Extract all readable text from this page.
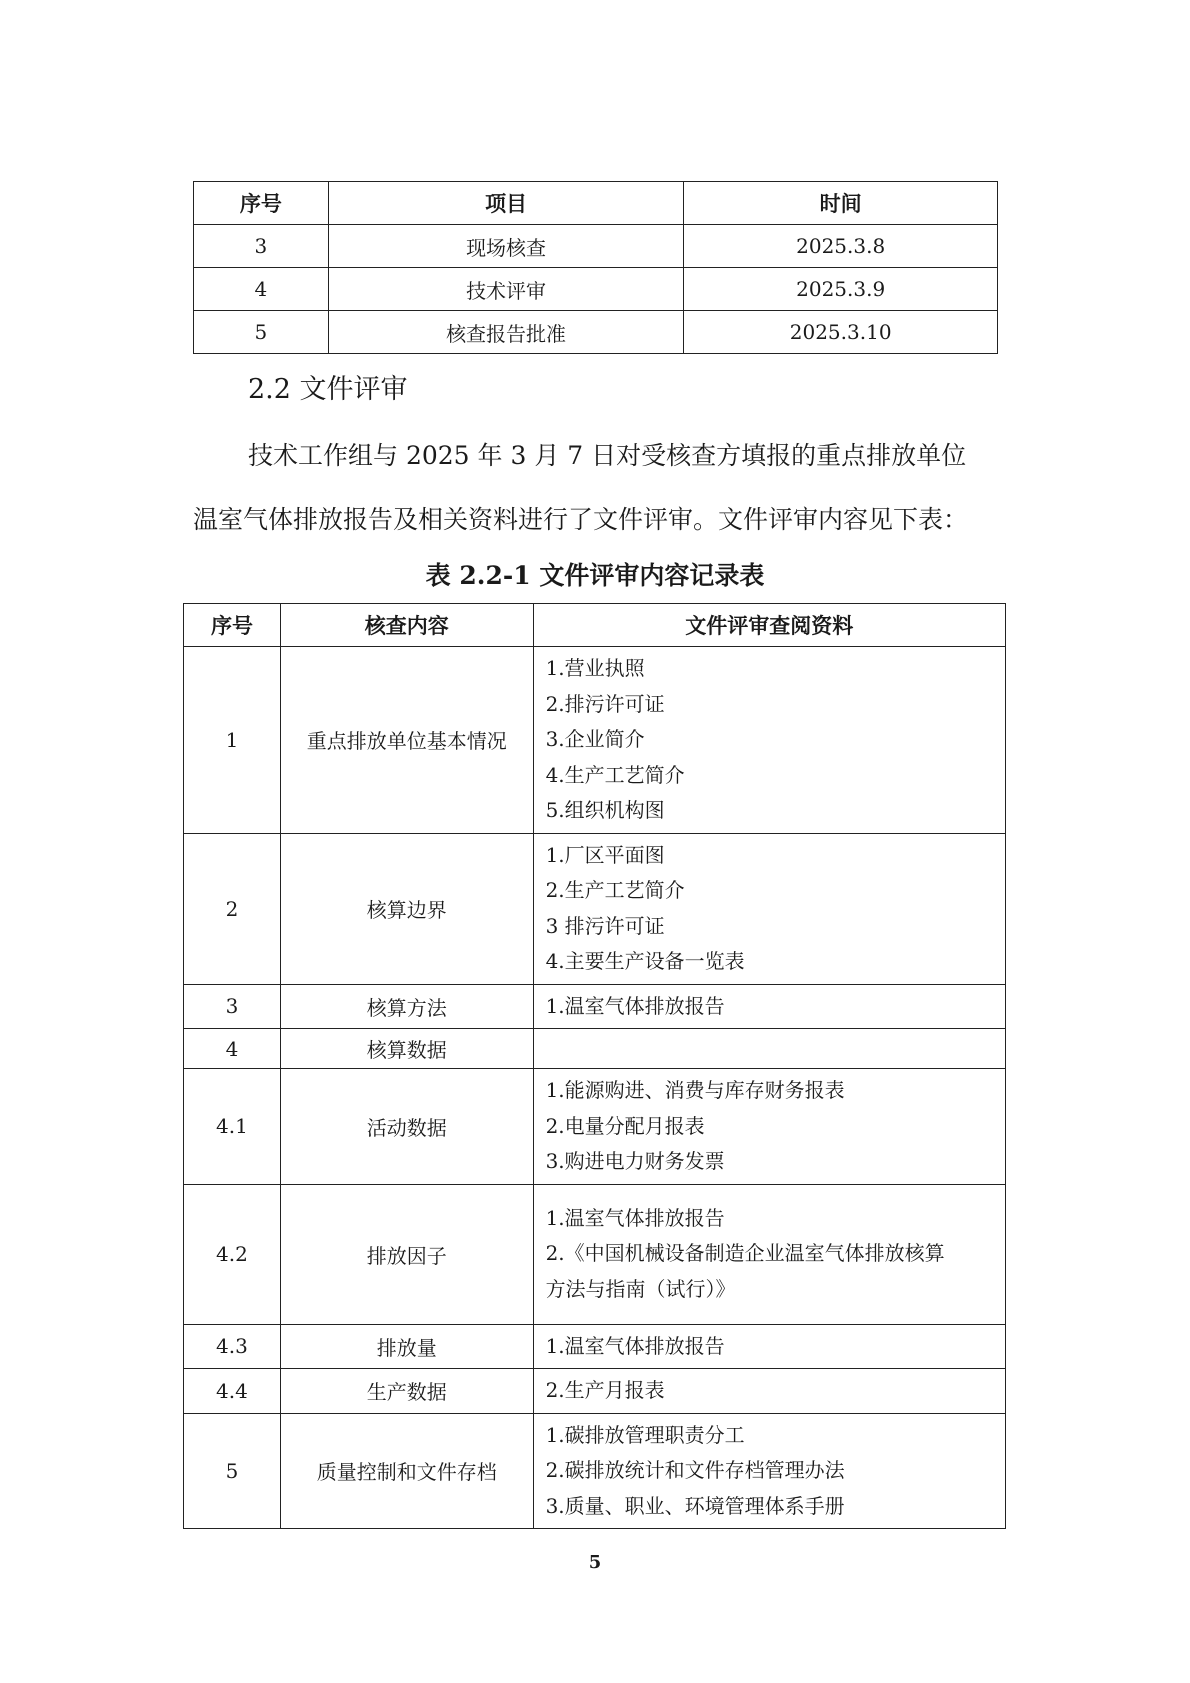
序号	项目	时间
3	现场核查	2025.3.8
4	技术评审	2025.3.9
5	核查报告批准	2025.3.10
2.2 文件评审
技术工作组与 2025 年 3 月 7 日对受核查方填报的重点排放单位
温室气体排放报告及相关资料进行了文件评审。文件评审内容见下表：
表 2.2-1 文件评审内容记录表
序号	核查内容	文件评审查阅资料
1	重点排放单位基本情况	1.营业执照
2.排污许可证
3.企业简介
4.生产工艺简介
5.组织机构图

2	核算边界	1.厂区平面图
2.生产工艺简介
3 排污许可证
4.主要生产设备一览表

3	核算方法	1.温室气体排放报告

4	核算数据	
4.1	活动数据	1.能源购进、消费与库存财务报表
2.电量分配月报表
3.购进电力财务发票

4.2	排放因子	1.温室气体排放报告
2.《中国机械设备制造企业温室气体排放核算
方法与指南（试行）》

4.3	排放量	1.温室气体排放报告

4.4	生产数据	2.生产月报表

5	质量控制和文件存档	1.碳排放管理职责分工
2.碳排放统计和文件存档管理办法
3.质量、职业、环境管理体系手册
5
